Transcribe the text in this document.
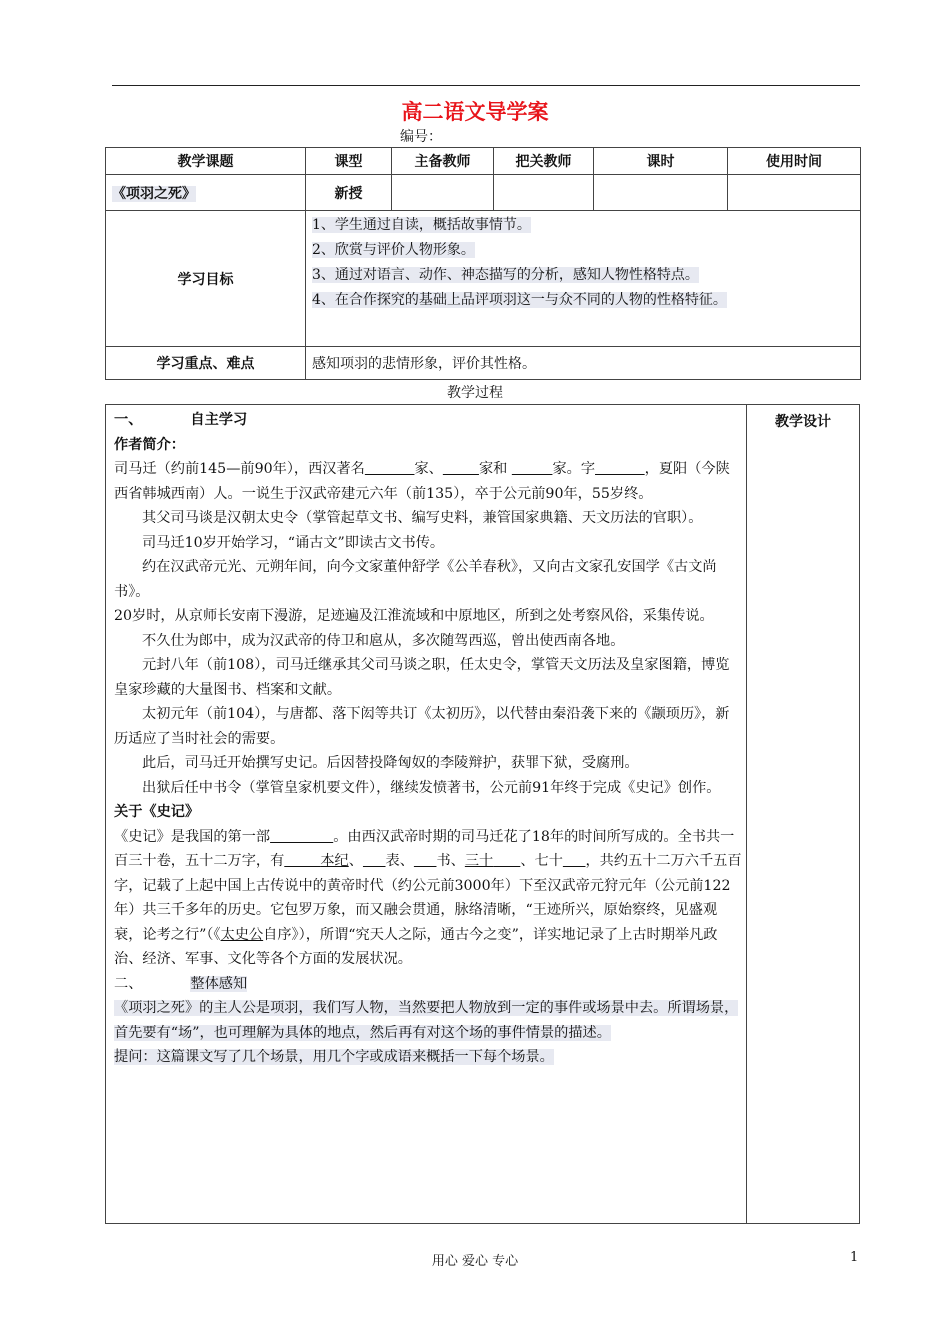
高二语文导学案
编号：
教学课题	课型	主备教师	把关教师	课时	使用时间
《项羽之死》	新授				
学习目标	1、学生通过自读，概括故事情节。
2、欣赏与评价人物形象。
3、通过对语言、动作、神态描写的分析，感知人物性格特点。
4、在合作探究的基础上品评项羽这一与众不同的人物的性格特征。				

学习重点、难点	感知项羽的悲情形象，评价其性格。				
教学过程
教学设计

一、	自主学习

作者简介：

司马迁（约前145—前90年），西汉著名	家、	家和	家。字	，夏阳（今陕西省韩城西南）人。一说生于汉武帝建元六年（前135），卒于公元前90年，55岁终。

其父司马谈是汉朝太史令（掌管起草文书、编写史料，兼管国家典籍、天文历法的官职）。

司马迁10岁开始学习，“诵古文”即读古文书传。

约在汉武帝元光、元朔年间，向今文家董仲舒学《公羊春秋》，又向古文家孔安国学《古文尚书》。

20岁时，从京师长安南下漫游，足迹遍及江淮流域和中原地区，所到之处考察风俗，采集传说。

不久仕为郎中，成为汉武帝的侍卫和扈从，多次随驾西巡，曾出使西南各地。

元封八年（前108），司马迁继承其父司马谈之职，任太史令，掌管天文历法及皇家图籍，博览皇家珍藏的大量图书、档案和文献。

太初元年（前104），与唐都、落下闳等共订《太初历》，以代替由秦沿袭下来的《颛顼历》，新历适应了当时社会的需要。

此后，司马迁开始撰写史记。后因替投降匈奴的李陵辩护，获罪下狱，受腐刑。

出狱后任中书令（掌管皇家机要文件），继续发愤著书，公元前91年终于完成《史记》创作。

关于《史记》

《史记》是我国的第一部	。由西汉武帝时期的司马迁花了18年的时间所写成的。全书共一百三十卷，五十二万字，有	本纪、 表、 书、三十 、七十 ，共约五十二万六千五百字，记载了上起中国上古传说中的黄帝时代（约公元前3000年）下至汉武帝元狩元年（公元前122年）共三千多年的历史。它包罗万象，而又融会贯通，脉络清晰，“王迹所兴，原始察终，见盛观衰，论考之行”（《太史公自序》），所谓“究天人之际，通古今之变”，详实地记录了上古时期举凡政治、经济、军事、文化等各个方面的发展状况。

二、	整体感知

《项羽之死》的主人公是项羽，我们写人物，当然要把人物放到一定的事件或场景中去。所谓场景，首先要有“场”，也可理解为具体的地点，然后再有对这个场的事件情景的描述。

提问：这篇课文写了几个场景，用几个字或成语来概括一下每个场景。

用心 爱心 专心	1
